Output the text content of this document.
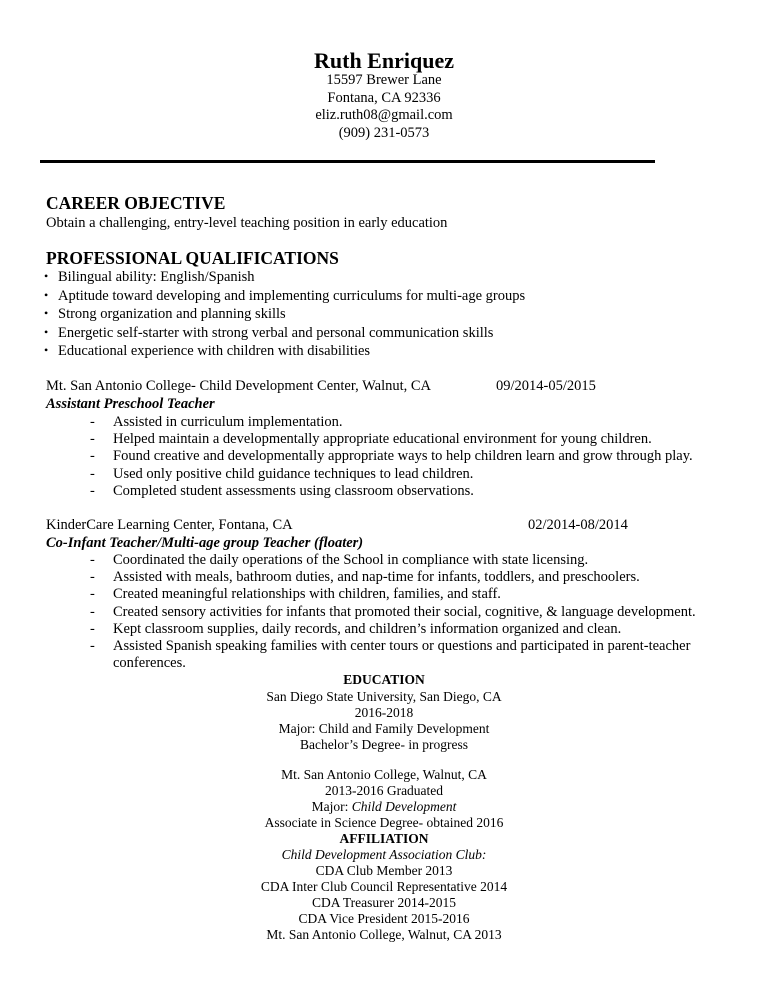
Ruth Enriquez
15597 Brewer Lane
Fontana, CA 92336
eliz.ruth08@gmail.com
(909) 231-0573
CAREER OBJECTIVE
Obtain a challenging, entry-level teaching position in early education
PROFESSIONAL QUALIFICATIONS
• Bilingual ability: English/Spanish
• Aptitude toward developing and implementing curriculums for multi-age groups
• Strong organization and planning skills
• Energetic self-starter with strong verbal and personal communication skills
• Educational experience with children with disabilities
Mt. San Antonio College- Child Development Center, Walnut, CA	09/2014-05/2015
Assistant Preschool Teacher
- Assisted in curriculum implementation.
- Helped maintain a developmentally appropriate educational environment for young children.
- Found creative and developmentally appropriate ways to help children learn and grow through play.
- Used only positive child guidance techniques to lead children.
- Completed student assessments using classroom observations.
KinderCare Learning Center, Fontana, CA	02/2014-08/2014
Co-Infant Teacher/Multi-age group Teacher (floater)
- Coordinated the daily operations of the School in compliance with state licensing.
- Assisted with meals, bathroom duties, and nap-time for infants, toddlers, and preschoolers.
- Created meaningful relationships with children, families, and staff.
- Created sensory activities for infants that promoted their social, cognitive, & language development.
- Kept classroom supplies, daily records, and children’s information organized and clean.
- Assisted Spanish speaking families with center tours or questions and participated in parent-teacher
conferences.
EDUCATION
San Diego State University, San Diego, CA
2016-2018
Major: Child and Family Development
Bachelor’s Degree- in progress
Mt. San Antonio College, Walnut, CA
2013-2016 Graduated
Major: Child Development
Associate in Science Degree- obtained 2016
AFFILIATION
Child Development Association Club:
CDA Club Member 2013
CDA Inter Club Council Representative 2014
CDA Treasurer 2014-2015
CDA Vice President 2015-2016
Mt. San Antonio College, Walnut, CA 2013
